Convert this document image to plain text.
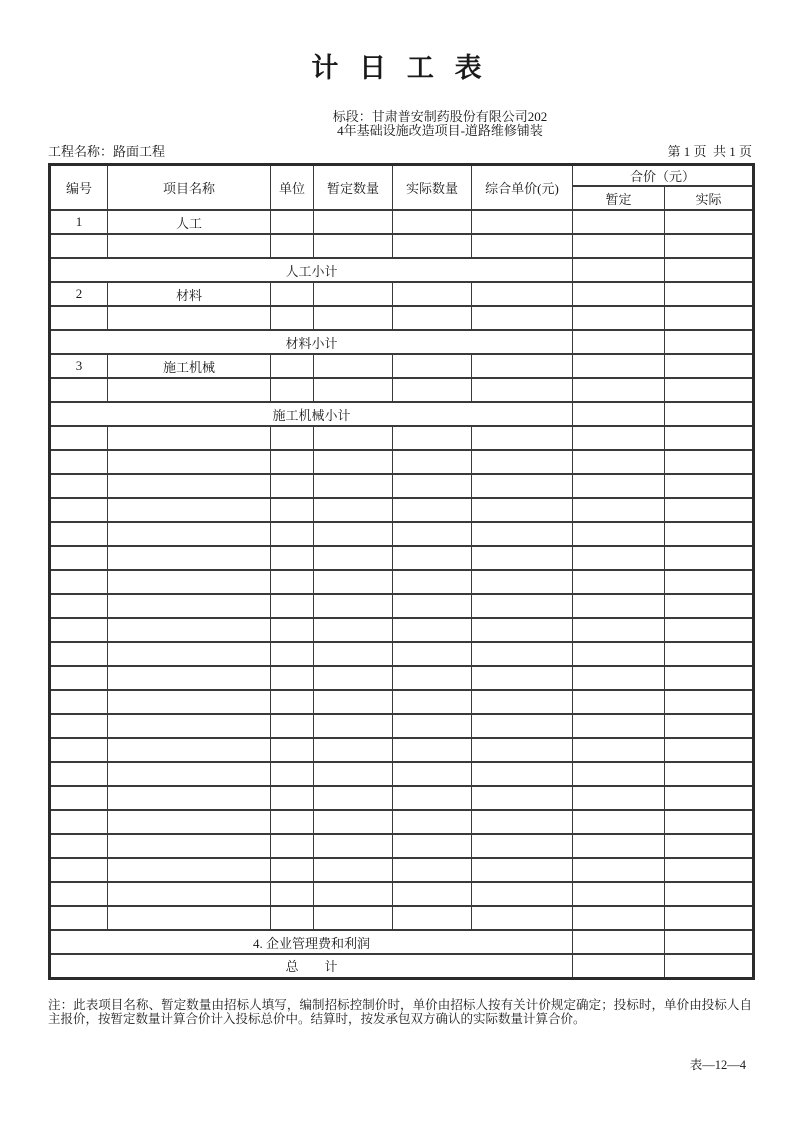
计 日 工 表
标段：甘肃普安制药股份有限公司202
4年基础设施改造项目-道路维修铺装
工程名称：路面工程	第 1 页  共 1 页
编号	项目名称	单位	暂定数量	实际数量	综合单价(元)	合价（元）	
						暂定	实际
1	人工						

人工小计							
2	材料						

材料小计							
3	施工机械						

施工机械小计							

4. 企业管理费和利润							
总　　计							
注：此表项目名称、暂定数量由招标人填写，编制招标控制价时，单价由招标人按有关计价规定确定；投标时，单价由投标人自主报价，按暂定数量计算合价计入投标总价中。结算时，按发承包双方确认的实际数量计算合价。
表—12—4
